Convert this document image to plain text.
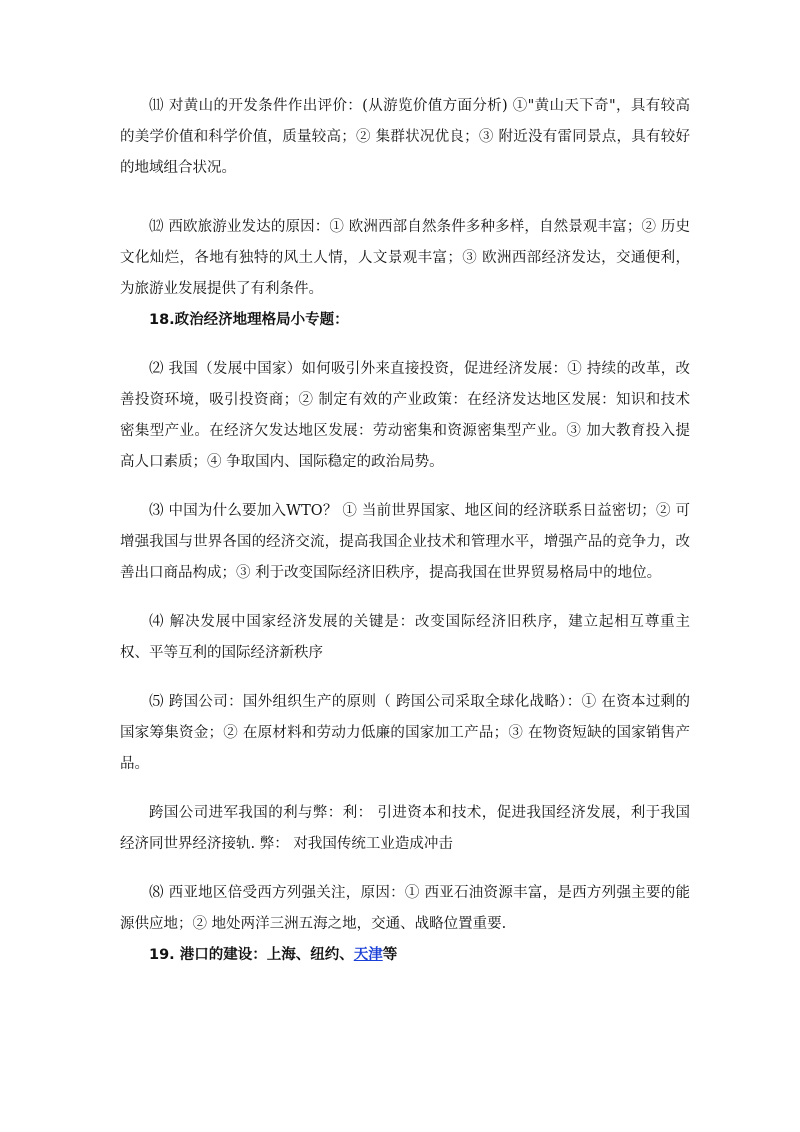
⑾ 对黄山的开发条件作出评价：(从游览价值方面分析) ①"黄山天下奇"，具有较高的美学价值和科学价值，质量较高；② 集群状况优良；③ 附近没有雷同景点，具有较好的地域组合状况。

⑿ 西欧旅游业发达的原因：① 欧洲西部自然条件多种多样，自然景观丰富；② 历史文化灿烂，各地有独特的风土人情，人文景观丰富；③ 欧洲西部经济发达，交通便利，为旅游业发展提供了有利条件。

18.政治经济地理格局小专题：

⑵ 我国（发展中国家）如何吸引外来直接投资，促进经济发展：① 持续的改革，改善投资环境，吸引投资商；② 制定有效的产业政策：在经济发达地区发展：知识和技术密集型产业。在经济欠发达地区发展：劳动密集和资源密集型产业。③ 加大教育投入提高人口素质；④ 争取国内、国际稳定的政治局势。

⑶ 中国为什么要加入WTO？ ① 当前世界国家、地区间的经济联系日益密切；② 可增强我国与世界各国的经济交流，提高我国企业技术和管理水平，增强产品的竞争力，改善出口商品构成；③ 利于改变国际经济旧秩序，提高我国在世界贸易格局中的地位。

⑷ 解决发展中国家经济发展的关键是：改变国际经济旧秩序，建立起相互尊重主权、平等互利的国际经济新秩序

⑸ 跨国公司：国外组织生产的原则（ 跨国公司采取全球化战略）：① 在资本过剩的国家筹集资金；② 在原材料和劳动力低廉的国家加工产品；③ 在物资短缺的国家销售产品。

跨国公司进军我国的利与弊：利： 引进资本和技术，促进我国经济发展，利于我国经济同世界经济接轨. 弊： 对我国传统工业造成冲击

⑻ 西亚地区倍受西方列强关注，原因：① 西亚石油资源丰富，是西方列强主要的能源供应地；② 地处两洋三洲五海之地，交通、战略位置重要.

19. 港口的建设：上海、纽约、天津等
